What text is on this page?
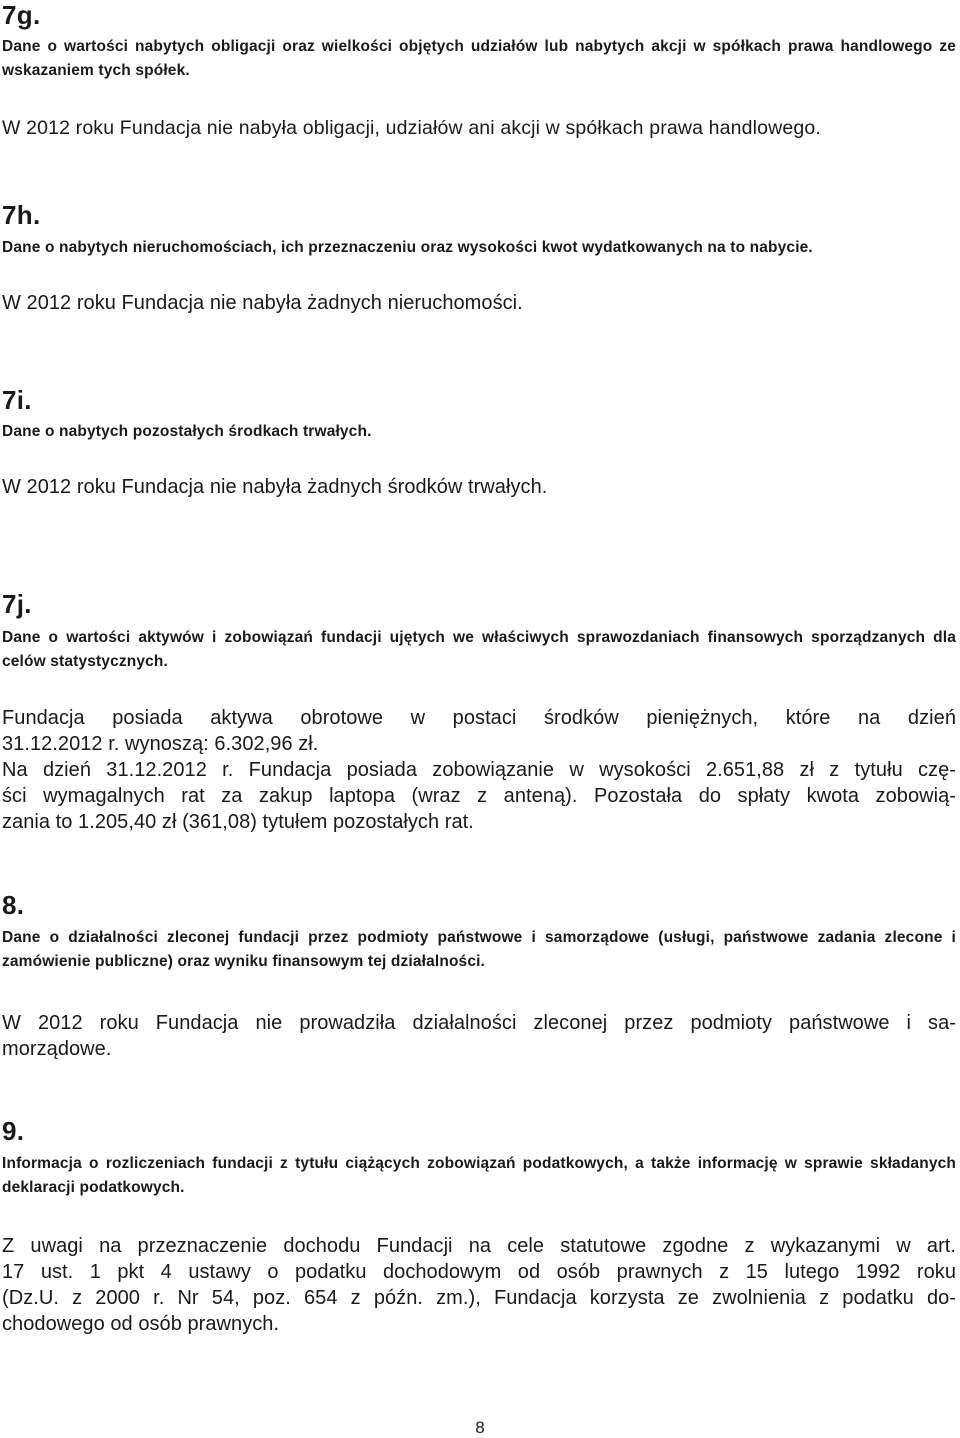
7g.

Dane o wartości nabytych obligacji oraz wielkości objętych udziałów lub nabytych akcji w spółkach prawa handlowego ze wskazaniem tych spółek.

W 2012 roku Fundacja nie nabyła obligacji, udziałów ani akcji w spółkach prawa handlowego.

7h.

Dane o nabytych nieruchomościach, ich przeznaczeniu oraz wysokości kwot wydatkowanych na to nabycie.

W 2012 roku Fundacja nie nabyła żadnych nieruchomości.

7i.

Dane o nabytych pozostałych środkach trwałych.

W 2012 roku Fundacja nie nabyła żadnych środków trwałych.

7j.

Dane o wartości aktywów i zobowiązań fundacji ujętych we właściwych sprawozdaniach finansowych sporządzanych dla celów statystycznych.

Fundacja posiada aktywa obrotowe w postaci środków pieniężnych, które na dzień
31.12.2012 r. wynoszą: 6.302,96 zł.
Na dzień 31.12.2012 r. Fundacja posiada zobowiązanie w wysokości 2.651,88 zł z tytułu czę-
ści wymagalnych rat za zakup laptopa (wraz z anteną). Pozostała do spłaty kwota zobowią-
zania to 1.205,40 zł (361,08) tytułem pozostałych rat.
8.

Dane o działalności zleconej fundacji przez podmioty państwowe i samorządowe (usługi, państwowe zadania zlecone i zamówienie publiczne) oraz wyniku finansowym tej działalności.

W 2012 roku Fundacja nie prowadziła działalności zleconej przez podmioty państwowe i sa-
morządowe.
9.

Informacja o rozliczeniach fundacji z tytułu ciążących zobowiązań podatkowych, a także informację w sprawie składanych deklaracji podatkowych.

Z uwagi na przeznaczenie dochodu Fundacji na cele statutowe zgodne z wykazanymi w art.
17 ust. 1 pkt 4 ustawy o podatku dochodowym od osób prawnych z 15 lutego 1992 roku
(Dz.U. z 2000 r. Nr 54, poz. 654 z późn. zm.), Fundacja korzysta ze zwolnienia z podatku do-
chodowego od osób prawnych.
8
